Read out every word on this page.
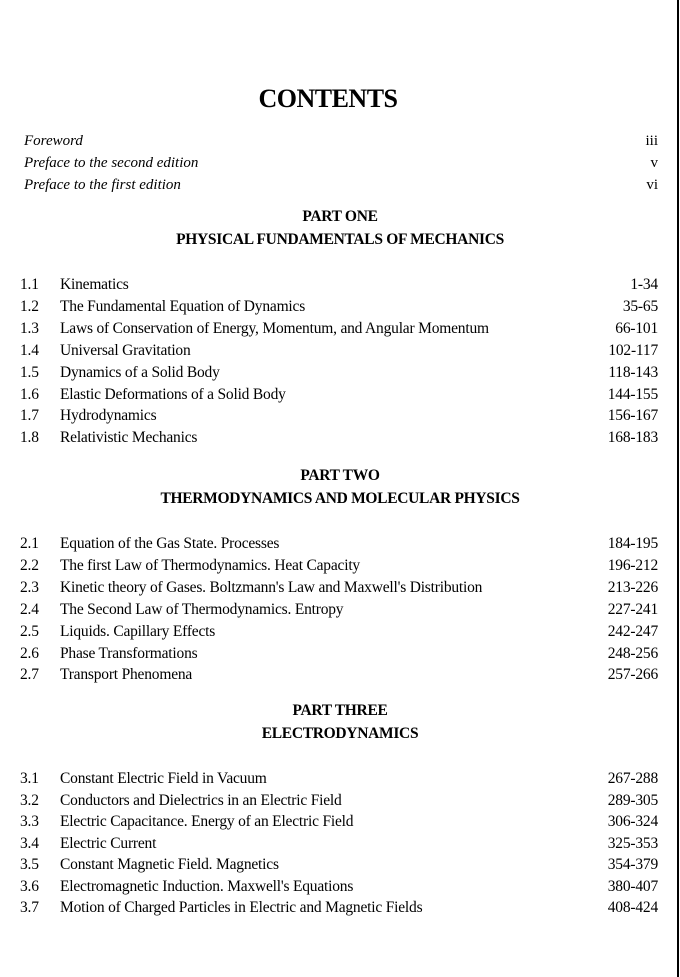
CONTENTS
Foreword	iii
Preface to the second edition	v
Preface to the first edition	vi
PART ONE
PHYSICAL FUNDAMENTALS OF MECHANICS
1.1 Kinematics	1-34
1.2 The Fundamental Equation of Dynamics	35-65
1.3 Laws of Conservation of Energy, Momentum, and Angular Momentum	66-101
1.4 Universal Gravitation	102-117
1.5 Dynamics of a Solid Body	118-143
1.6 Elastic Deformations of a Solid Body	144-155
1.7 Hydrodynamics	156-167
1.8 Relativistic Mechanics	168-183
PART TWO
THERMODYNAMICS AND MOLECULAR PHYSICS
2.1 Equation of the Gas State. Processes	184-195
2.2 The first Law of Thermodynamics. Heat Capacity	196-212
2.3 Kinetic theory of Gases. Boltzmann's Law and Maxwell's Distribution	213-226
2.4 The Second Law of Thermodynamics. Entropy	227-241
2.5 Liquids. Capillary Effects	242-247
2.6 Phase Transformations	248-256
2.7 Transport Phenomena	257-266
PART THREE
ELECTRODYNAMICS
3.1 Constant Electric Field in Vacuum	267-288
3.2 Conductors and Dielectrics in an Electric Field	289-305
3.3 Electric Capacitance. Energy of an Electric Field	306-324
3.4 Electric Current	325-353
3.5 Constant Magnetic Field. Magnetics	354-379
3.6 Electromagnetic Induction. Maxwell's Equations	380-407
3.7 Motion of Charged Particles in Electric and Magnetic Fields	408-424
